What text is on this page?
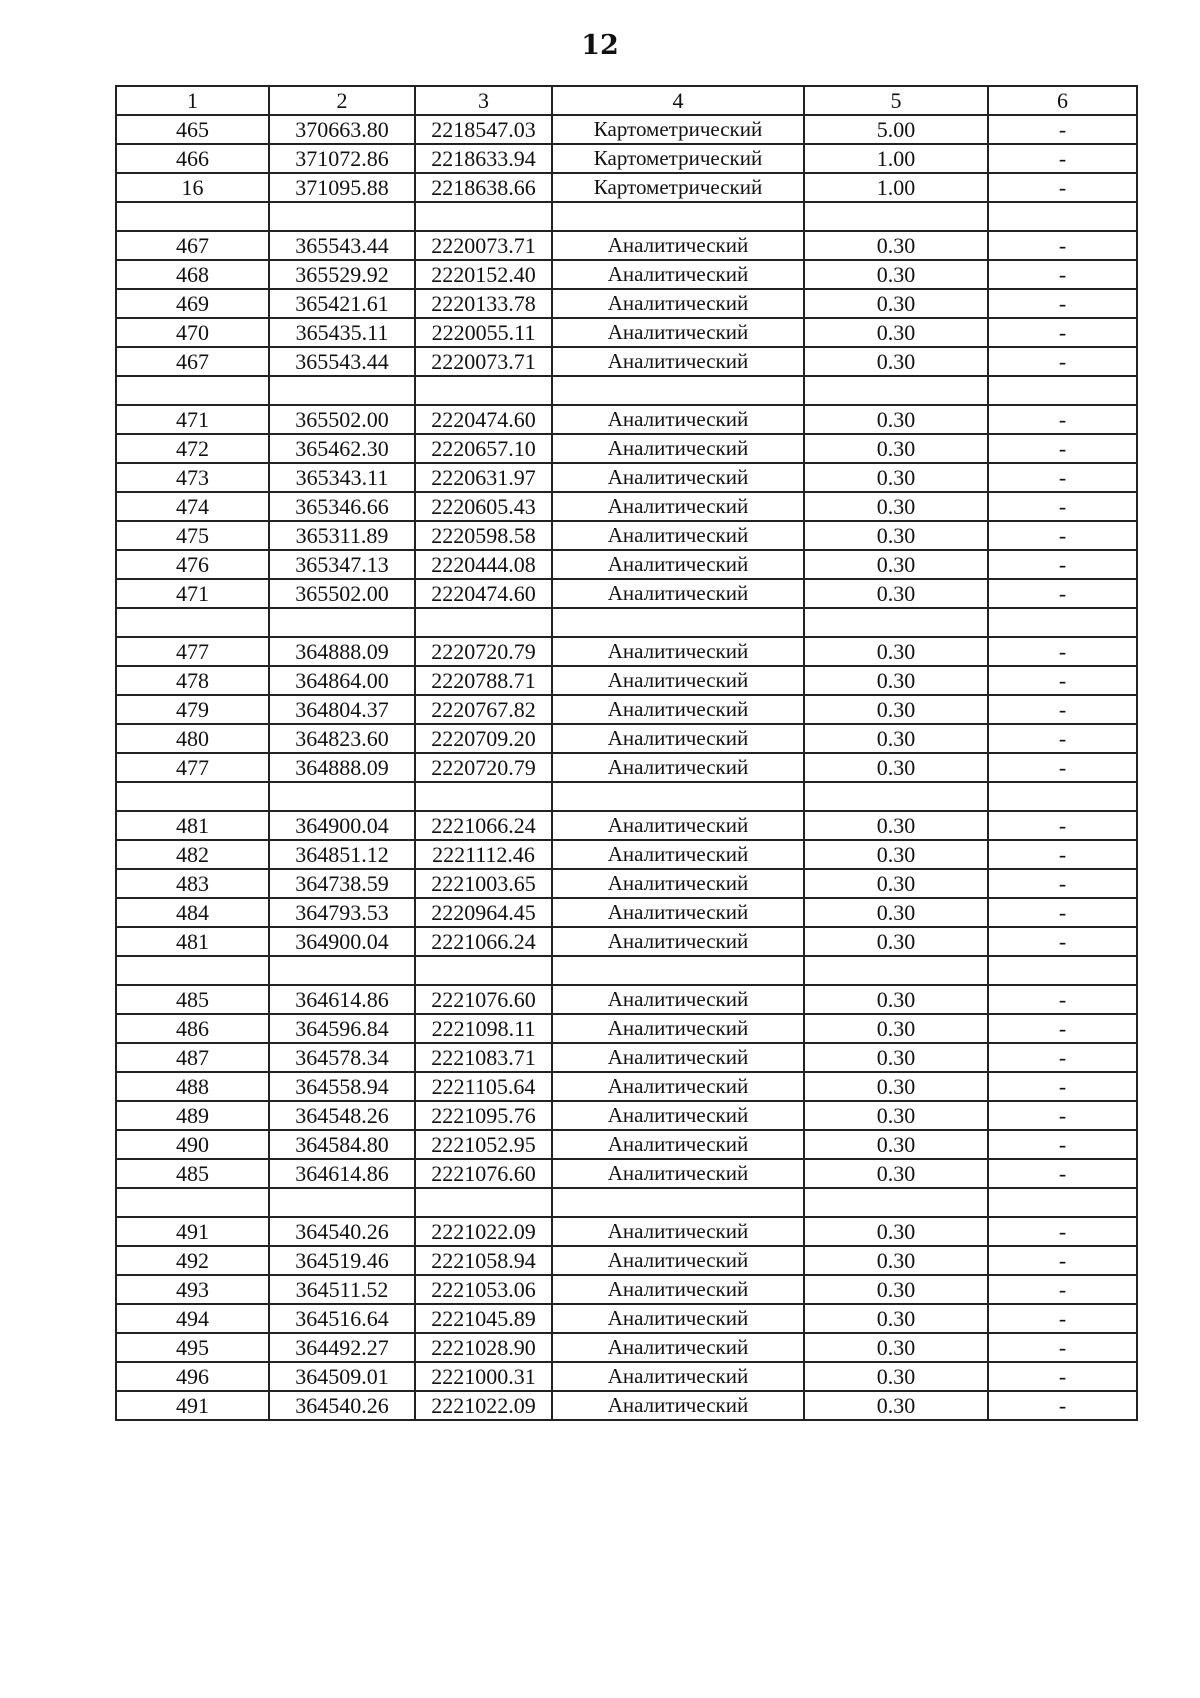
12
1	2	3	4	5	6
465	370663.80	2218547.03	Картометрический	5.00	-
466	371072.86	2218633.94	Картометрический	1.00	-
16	371095.88	2218638.66	Картометрический	1.00	-

467	365543.44	2220073.71	Аналитический	0.30	-
468	365529.92	2220152.40	Аналитический	0.30	-
469	365421.61	2220133.78	Аналитический	0.30	-
470	365435.11	2220055.11	Аналитический	0.30	-
467	365543.44	2220073.71	Аналитический	0.30	-

471	365502.00	2220474.60	Аналитический	0.30	-
472	365462.30	2220657.10	Аналитический	0.30	-
473	365343.11	2220631.97	Аналитический	0.30	-
474	365346.66	2220605.43	Аналитический	0.30	-
475	365311.89	2220598.58	Аналитический	0.30	-
476	365347.13	2220444.08	Аналитический	0.30	-
471	365502.00	2220474.60	Аналитический	0.30	-

477	364888.09	2220720.79	Аналитический	0.30	-
478	364864.00	2220788.71	Аналитический	0.30	-
479	364804.37	2220767.82	Аналитический	0.30	-
480	364823.60	2220709.20	Аналитический	0.30	-
477	364888.09	2220720.79	Аналитический	0.30	-

481	364900.04	2221066.24	Аналитический	0.30	-
482	364851.12	2221112.46	Аналитический	0.30	-
483	364738.59	2221003.65	Аналитический	0.30	-
484	364793.53	2220964.45	Аналитический	0.30	-
481	364900.04	2221066.24	Аналитический	0.30	-

485	364614.86	2221076.60	Аналитический	0.30	-
486	364596.84	2221098.11	Аналитический	0.30	-
487	364578.34	2221083.71	Аналитический	0.30	-
488	364558.94	2221105.64	Аналитический	0.30	-
489	364548.26	2221095.76	Аналитический	0.30	-
490	364584.80	2221052.95	Аналитический	0.30	-
485	364614.86	2221076.60	Аналитический	0.30	-

491	364540.26	2221022.09	Аналитический	0.30	-
492	364519.46	2221058.94	Аналитический	0.30	-
493	364511.52	2221053.06	Аналитический	0.30	-
494	364516.64	2221045.89	Аналитический	0.30	-
495	364492.27	2221028.90	Аналитический	0.30	-
496	364509.01	2221000.31	Аналитический	0.30	-
491	364540.26	2221022.09	Аналитический	0.30	-
